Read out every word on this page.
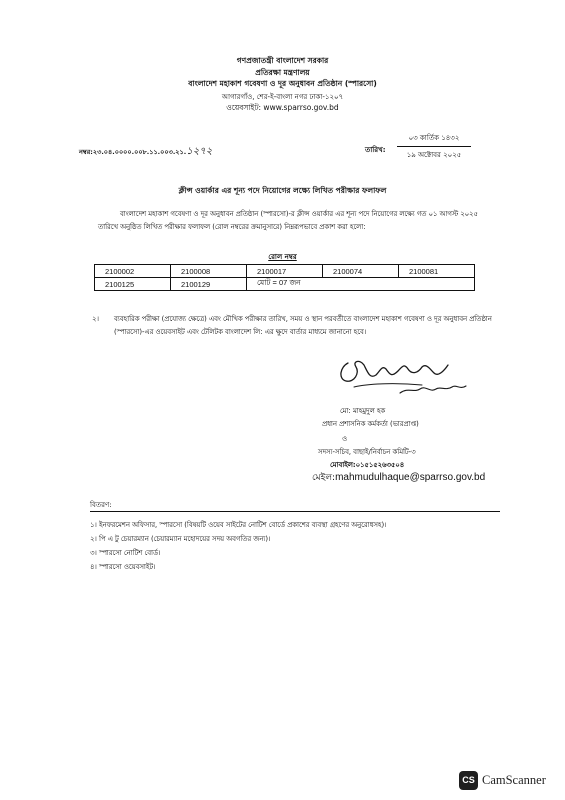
গণপ্রজাতন্ত্রী বাংলাদেশ সরকার
প্রতিরক্ষা মন্ত্রণালয়
বাংলাদেশ মহাকাশ গবেষণা ও দূর অনুধাবন প্রতিষ্ঠান (স্পারসো)
আগারগাঁও, শের-ই-বাংলা নগর ঢাকা-১২০৭
ওয়েবসাইট: www.sparrso.gov.bd
নম্বর:২৩.০৪.০০০০.০০৮.১১.০০৩.২১.১২৭২	তারিখ:
০৩ কার্তিক ১৪৩২
১৯ অক্টোবর ২০২৫
ক্লীন্স ওয়ার্কার এর শূন্য পদে নিয়োগের লক্ষ্যে লিখিত পরীক্ষার ফলাফল
বাংলাদেশ মহাকাশ গবেষণা ও দূর অনুধাবন প্রতিষ্ঠান (স্পারসো)-র ক্লীন্স ওয়ার্কার এর শূন্য পদে নিয়োগের লক্ষ্যে গত ০১ আগস্ট ২০২৫ তারিখে অনুষ্ঠিত লিখিত পরীক্ষার ফলাফল (রোল নম্বরের ক্রমানুসারে) নিম্নরূপভাবে প্রকাশ করা হলো:
রোল নম্বর
2100002	2100008	2100017	2100074	2100081
2100125	2100129	মোট = 07 জন		
২। ব্যবহারিক পরীক্ষা (প্রযোজ্য ক্ষেত্রে) এবং মৌখিক পরীক্ষার তারিখ, সময় ও স্থান পরবর্তীতে বাংলাদেশ মহাকাশ গবেষণা ও দূর অনুধাবন প্রতিষ্ঠান (স্পারসো)-এর ওয়েবসাইট এবং টেলিটক বাংলাদেশ লি: এর ক্ষুদে বার্তার মাধ্যমে জানানো হবে।
মো: মাহমুদুল হক
প্রধান প্রশাসনিক কর্মকর্তা (ভারপ্রাপ্ত)
ও
সদস্য-সচিব, বাছাই/নির্বাচন কমিটি-৩
মোবাইল:০১৫১৫২৬৩৫০৪
মেইল:mahmudulhaque@sparrso.gov.bd
বিতরণ:
১। ইনফরমেশন অফিসার, স্পারসো (বিষয়টি ওয়েব সাইটের নোটিশ বোর্ডে প্রকাশের ব্যবস্থা গ্রহণের অনুরোধসহ)।
২। পি এ টু চেয়ারম্যান (চেয়ারম্যান মহোদয়ের সদয় অবগতির জন্য)।
৩। স্পারসো নোটিশ বোর্ড।
৪। স্পারসো ওয়েবসাইট।
CS CamScanner
